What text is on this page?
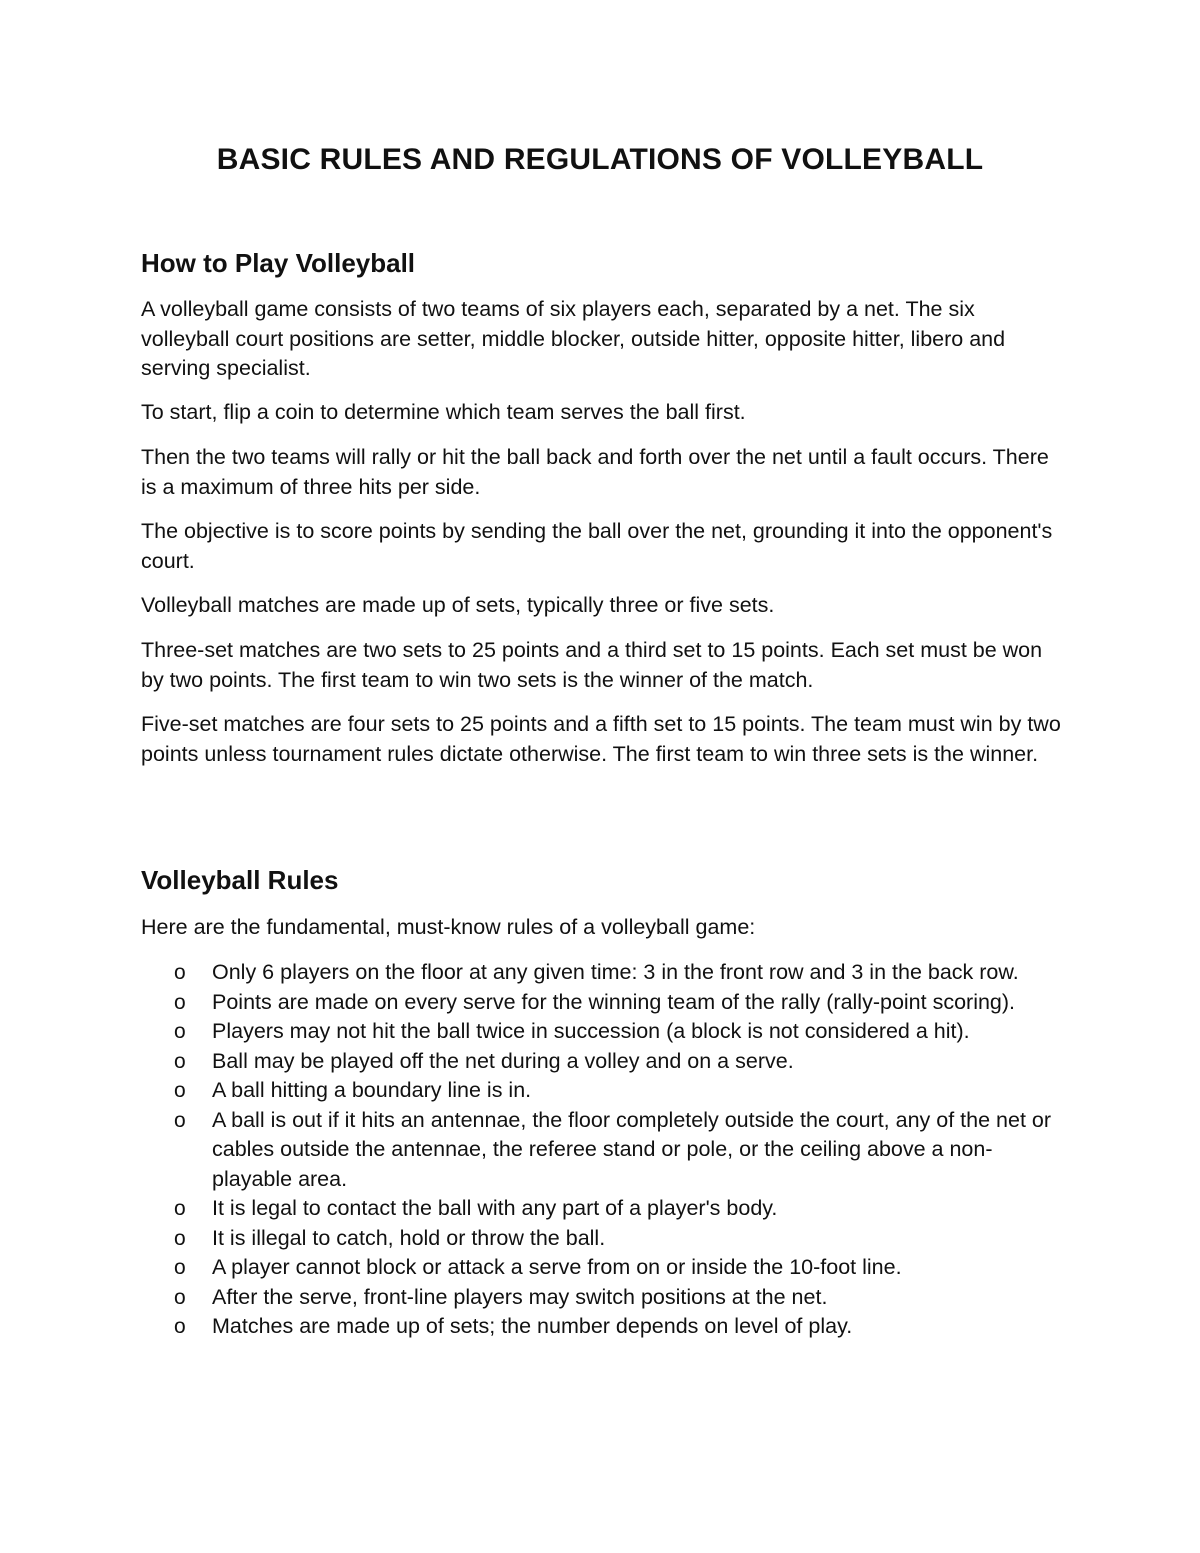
BASIC RULES AND REGULATIONS OF VOLLEYBALL
How to Play Volleyball

A volleyball game consists of two teams of six players each, separated by a net. The six volleyball court positions are setter, middle blocker, outside hitter, opposite hitter, libero and serving specialist.

To start, flip a coin to determine which team serves the ball first.

Then the two teams will rally or hit the ball back and forth over the net until a fault occurs. There is a maximum of three hits per side.

The objective is to score points by sending the ball over the net, grounding it into the opponent's court.

Volleyball matches are made up of sets, typically three or five sets.

Three-set matches are two sets to 25 points and a third set to 15 points. Each set must be won by two points. The first team to win two sets is the winner of the match.

Five-set matches are four sets to 25 points and a fifth set to 15 points. The team must win by two points unless tournament rules dictate otherwise. The first team to win three sets is the winner.

Volleyball Rules

Here are the fundamental, must-know rules of a volleyball game:

o Only 6 players on the floor at any given time: 3 in the front row and 3 in the back row.
o Points are made on every serve for the winning team of the rally (rally-point scoring).
o Players may not hit the ball twice in succession (a block is not considered a hit).
o Ball may be played off the net during a volley and on a serve.
o A ball hitting a boundary line is in.
o A ball is out if it hits an antennae, the floor completely outside the court, any of the net or cables outside the antennae, the referee stand or pole, or the ceiling above a non-playable area.
o It is legal to contact the ball with any part of a player's body.
o It is illegal to catch, hold or throw the ball.
o A player cannot block or attack a serve from on or inside the 10-foot line.
o After the serve, front-line players may switch positions at the net.
o Matches are made up of sets; the number depends on level of play.
